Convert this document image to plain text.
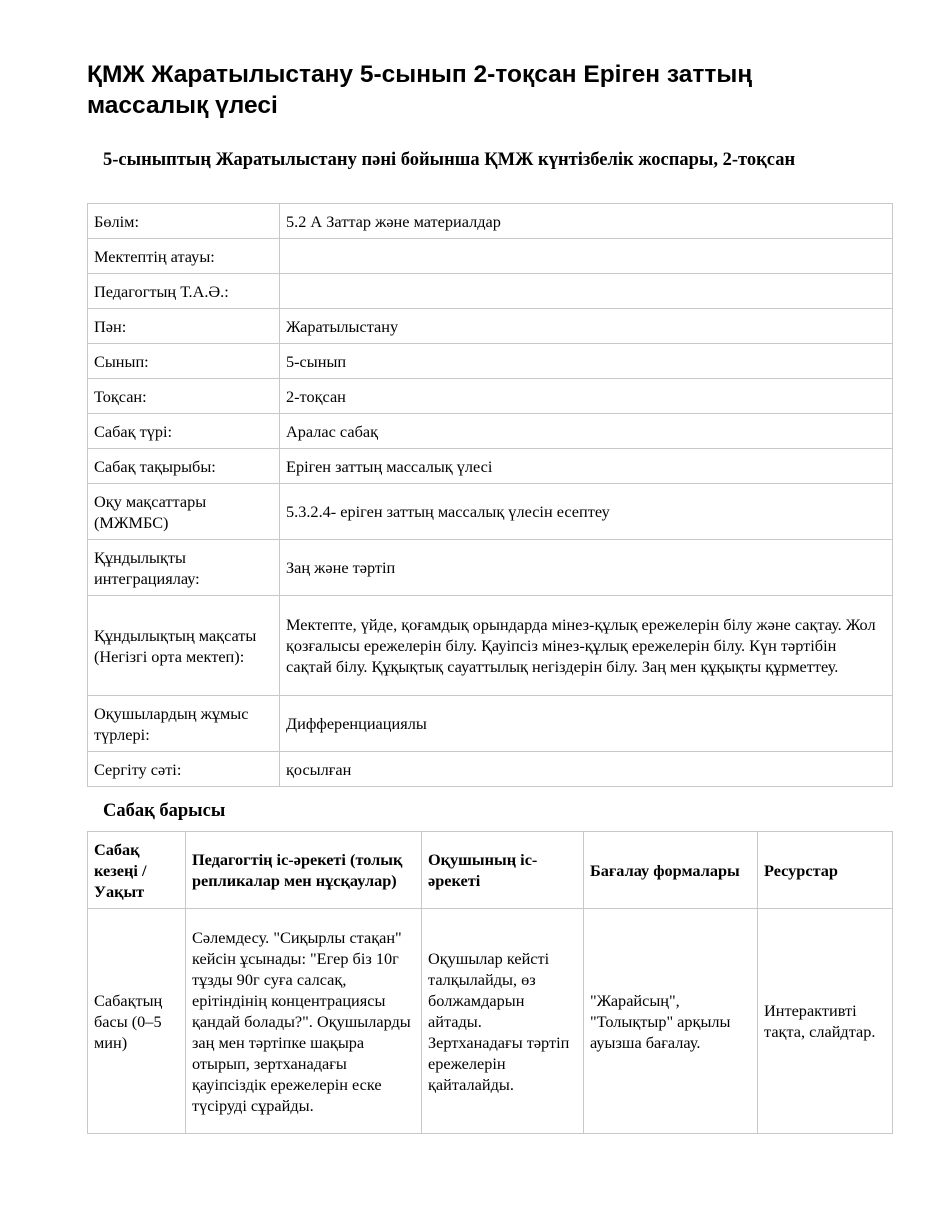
ҚМЖ Жаратылыстану 5-сынып 2-тоқсан Еріген заттың массалық үлесі
5-сыныптың Жаратылыстану пәні бойынша ҚМЖ күнтізбелік жоспары, 2-тоқсан
Бөлім:	5.2 А Заттар және материалдар
Мектептің атауы:	
Педагогтың Т.А.Ә.:	
Пән:	Жаратылыстану
Сынып:	5-сынып
Тоқсан:	2-тоқсан
Сабақ түрі:	Аралас сабақ
Сабақ тақырыбы:	Еріген заттың массалық үлесі
Оқу мақсаттары (МЖМБС)	5.3.2.4- еріген заттың массалық үлесін есептеу
Құндылықты интеграциялау:	Заң және тәртіп
Құндылықтың мақсаты (Негізгі орта мектеп):	Мектепте, үйде, қоғамдық орындарда мінез-құлық ережелерін білу және сақтау. Жол қозғалысы ережелерін білу. Қауіпсіз мінез-құлық ережелерін білу. Күн тәртібін сақтай білу. Құқықтық сауаттылық негіздерін білу. Заң мен құқықты құрметтеу.
Оқушылардың жұмыс түрлері:	Дифференциациялы
Сергіту сәті:	қосылған
Сабақ барысы
Сабақ кезеңі / Уақыт	Педагогтің іс-әрекеті (толық репликалар мен нұсқаулар)	Оқушының іс-әрекеті	Бағалау формалары	Ресурстар
Сабақтың басы (0–5 мин)	Сәлемдесу. "Сиқырлы стақан" кейсін ұсынады: "Егер біз 10г тұзды 90г суға салсақ, ерітіндінің концентрациясы қандай болады?". Оқушыларды заң мен тәртіпке шақыра отырып, зертханадағы қауіпсіздік ережелерін еске түсіруді сұрайды.	Оқушылар кейсті талқылайды, өз болжамдарын айтады. Зертханадағы тәртіп ережелерін қайталайды.	"Жарайсың", "Толықтыр" арқылы ауызша бағалау.	Интерактивті тақта, слайдтар.
